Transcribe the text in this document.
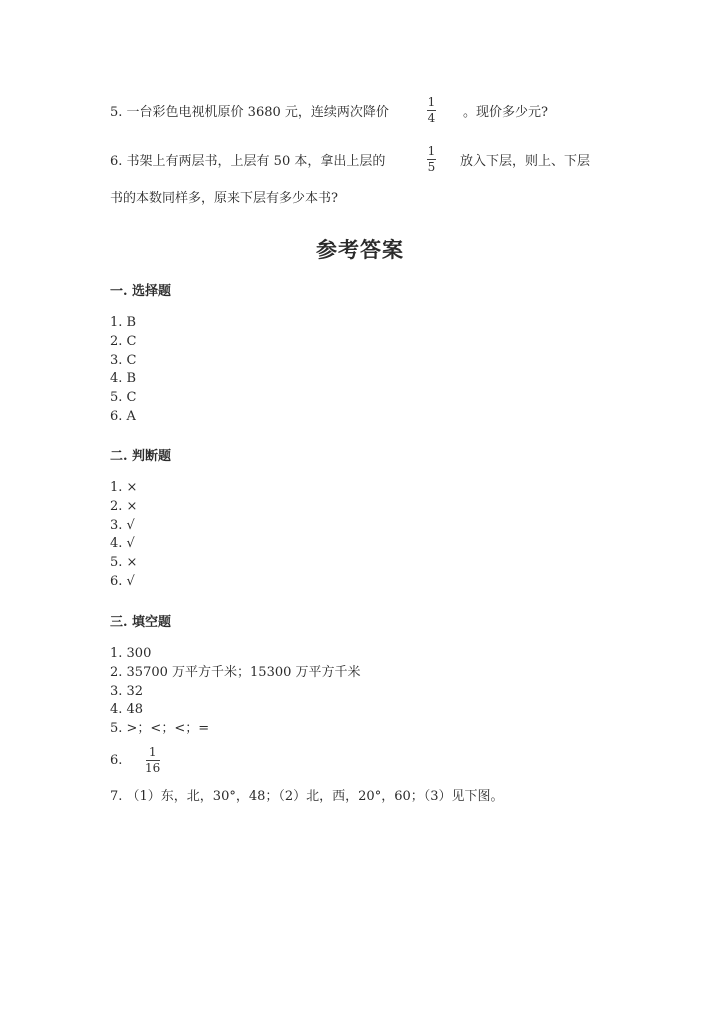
5. 一台彩色电视机原价 3680 元，连续两次降价
1
4 。现价多少元?
6. 书架上有两层书，上层有 50 本，拿出上层的
1
5 放入下层，则上、下层
书的本数同样多，原来下层有多少本书?
参考答案
一. 选择题
1. B
2. C
3. C
4. B
5. C
6. A
二. 判断题
1. ×
2. ×
3. √
4. √
5. ×
6. √
三. 填空题
1. 300
2. 35700 万平方千米；15300 万平方千米
3. 32
4. 48
5. >；<；<；=
6.
1
16
7. （1）东，北，30°，48；（2）北，西，20°，60；（3）见下图。
